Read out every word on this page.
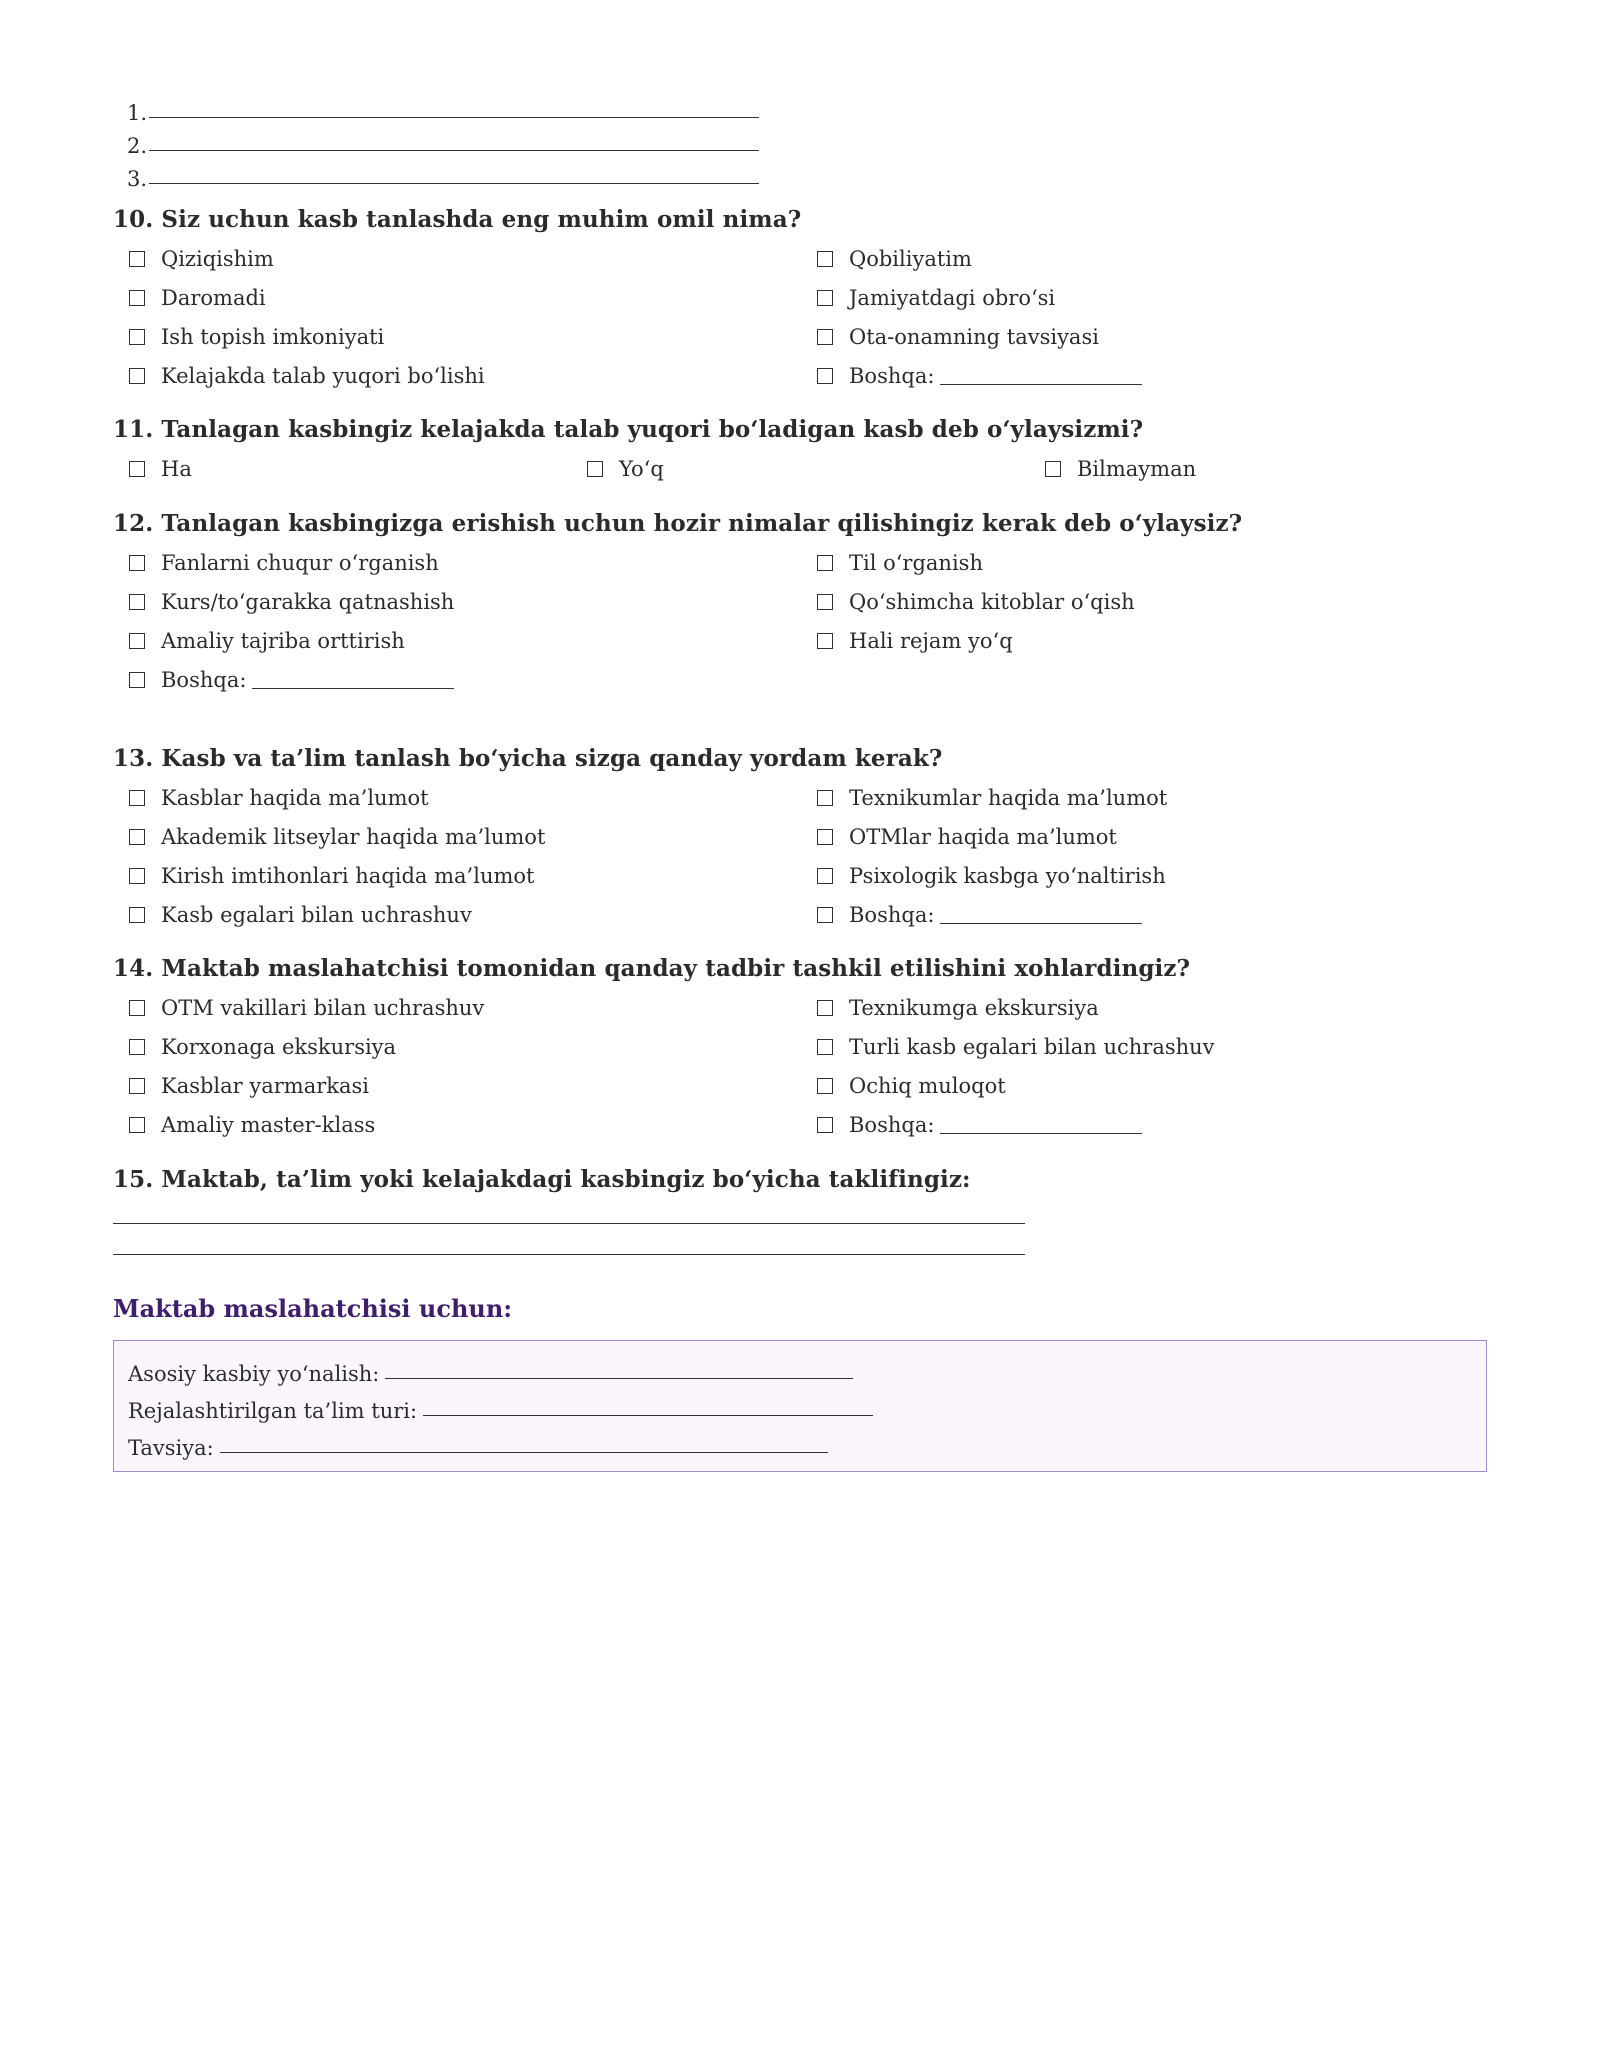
1.
2.
3.
10. Siz uchun kasb tanlashda eng muhim omil nima?
Qiziqishim	Qobiliyatim
Daromadi	Jamiyatdagi obro‘si
Ish topish imkoniyati	Ota-onamning tavsiyasi
Kelajakda talab yuqori bo‘lishi	Boshqa:
11. Tanlagan kasbingiz kelajakda talab yuqori bo‘ladigan kasb deb o‘ylaysizmi?
Ha	Yo‘q	Bilmayman
12. Tanlagan kasbingizga erishish uchun hozir nimalar qilishingiz kerak deb o‘ylaysiz?
Fanlarni chuqur o‘rganish	Til o‘rganish
Kurs/to‘garakka qatnashish	Qo‘shimcha kitoblar o‘qish
Amaliy tajriba orttirish	Hali rejam yo‘q
Boshqa:
13. Kasb va ta’lim tanlash bo‘yicha sizga qanday yordam kerak?
Kasblar haqida ma’lumot	Texnikumlar haqida ma’lumot
Akademik litseylar haqida ma’lumot	OTMlar haqida ma’lumot
Kirish imtihonlari haqida ma’lumot	Psixologik kasbga yo‘naltirish
Kasb egalari bilan uchrashuv	Boshqa:
14. Maktab maslahatchisi tomonidan qanday tadbir tashkil etilishini xohlardingiz?
OTM vakillari bilan uchrashuv	Texnikumga ekskursiya
Korxonaga ekskursiya	Turli kasb egalari bilan uchrashuv
Kasblar yarmarkasi	Ochiq muloqot
Amaliy master-klass	Boshqa:
15. Maktab, ta’lim yoki kelajakdagi kasbingiz bo‘yicha taklifingiz:
Maktab maslahatchisi uchun:
Asosiy kasbiy yo‘nalish:
Rejalashtirilgan ta’lim turi:
Tavsiya:
